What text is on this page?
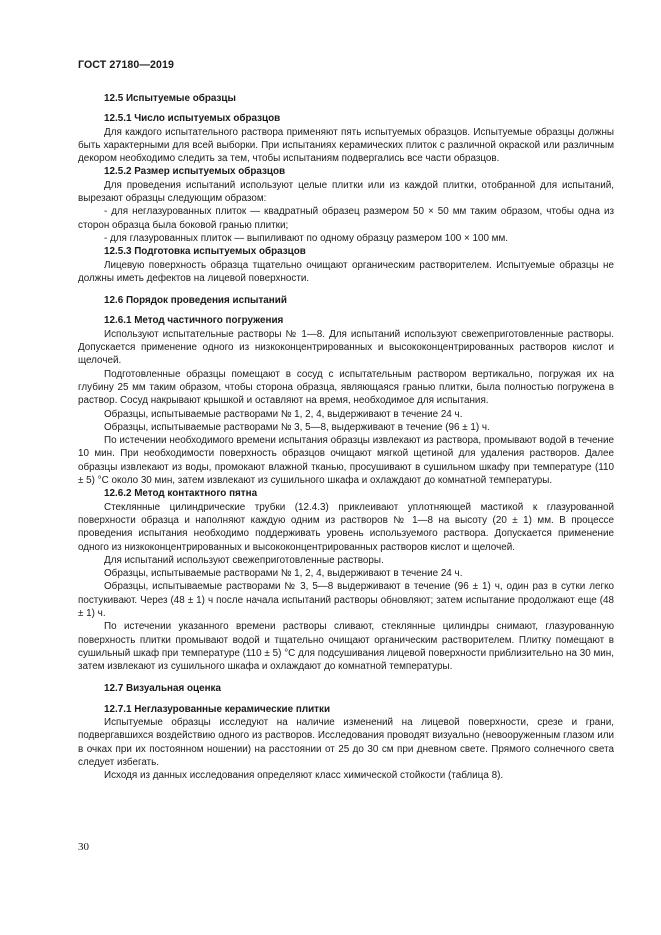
ГОСТ 27180—2019

12.5 Испытуемые образцы

12.5.1 Число испытуемых образцов

Для каждого испытательного раствора применяют пять испытуемых образцов. Испытуемые образцы должны быть характерными для всей выборки. При испытаниях керамических плиток с различной окраской или различным декором необходимо следить за тем, чтобы испытаниям подвергались все части образцов.

12.5.2 Размер испытуемых образцов

Для проведения испытаний используют целые плитки или из каждой плитки, отобранной для испытаний, вырезают образцы следующим образом:

- для неглазурованных плиток — квадратный образец размером 50 × 50 мм таким образом, чтобы одна из сторон образца была боковой гранью плитки;

- для глазурованных плиток — выпиливают по одному образцу размером 100 × 100 мм.

12.5.3 Подготовка испытуемых образцов

Лицевую поверхность образца тщательно очищают органическим растворителем. Испытуемые образцы не должны иметь дефектов на лицевой поверхности.

12.6 Порядок проведения испытаний

12.6.1 Метод частичного погружения

Используют испытательные растворы № 1—8. Для испытаний используют свежеприготовленные растворы. Допускается применение одного из низкоконцентрированных и высококонцентрированных растворов кислот и щелочей.

Подготовленные образцы помещают в сосуд с испытательным раствором вертикально, погружая их на глубину 25 мм таким образом, чтобы сторона образца, являющаяся гранью плитки, была полностью погружена в раствор. Сосуд накрывают крышкой и оставляют на время, необходимое для испытания.

Образцы, испытываемые растворами № 1, 2, 4, выдерживают в течение 24 ч.

Образцы, испытываемые растворами № 3, 5—8, выдерживают в течение (96 ± 1) ч.

По истечении необходимого времени испытания образцы извлекают из раствора, промывают водой в течение 10 мин. При необходимости поверхность образцов очищают мягкой щетиной для удаления растворов. Далее образцы извлекают из воды, промокают влажной тканью, просушивают в сушильном шкафу при температуре (110 ± 5) °С около 30 мин, затем извлекают из сушильного шкафа и охлаждают до комнатной температуры.

12.6.2 Метод контактного пятна

Стеклянные цилиндрические трубки (12.4.3) приклеивают уплотняющей мастикой к глазурованной поверхности образца и наполняют каждую одним из растворов № 1—8 на высоту (20 ± 1) мм. В процессе проведения испытания необходимо поддерживать уровень используемого раствора. Допускается применение одного из низкоконцентрированных и высококонцентрированных растворов кислот и щелочей.

Для испытаний используют свежеприготовленные растворы.

Образцы, испытываемые растворами № 1, 2, 4, выдерживают в течение 24 ч.

Образцы, испытываемые растворами № 3, 5—8 выдерживают в течение (96 ± 1) ч, один раз в сутки легко постукивают. Через (48 ± 1) ч после начала испытаний растворы обновляют; затем испытание продолжают еще (48 ± 1) ч.

По истечении указанного времени растворы сливают, стеклянные цилиндры снимают, глазурованную поверхность плитки промывают водой и тщательно очищают органическим растворителем. Плитку помещают в сушильный шкаф при температуре (110 ± 5) °С для подсушивания лицевой поверхности приблизительно на 30 мин, затем извлекают из сушильного шкафа и охлаждают до комнатной температуры.

12.7 Визуальная оценка

12.7.1 Неглазурованные керамические плитки

Испытуемые образцы исследуют на наличие изменений на лицевой поверхности, срезе и грани, подвергавшихся воздействию одного из растворов. Исследования проводят визуально (невооруженным глазом или в очках при их постоянном ношении) на расстоянии от 25 до 30 см при дневном свете. Прямого солнечного света следует избегать.

Исходя из данных исследования определяют класс химической стойкости (таблица 8).

30
